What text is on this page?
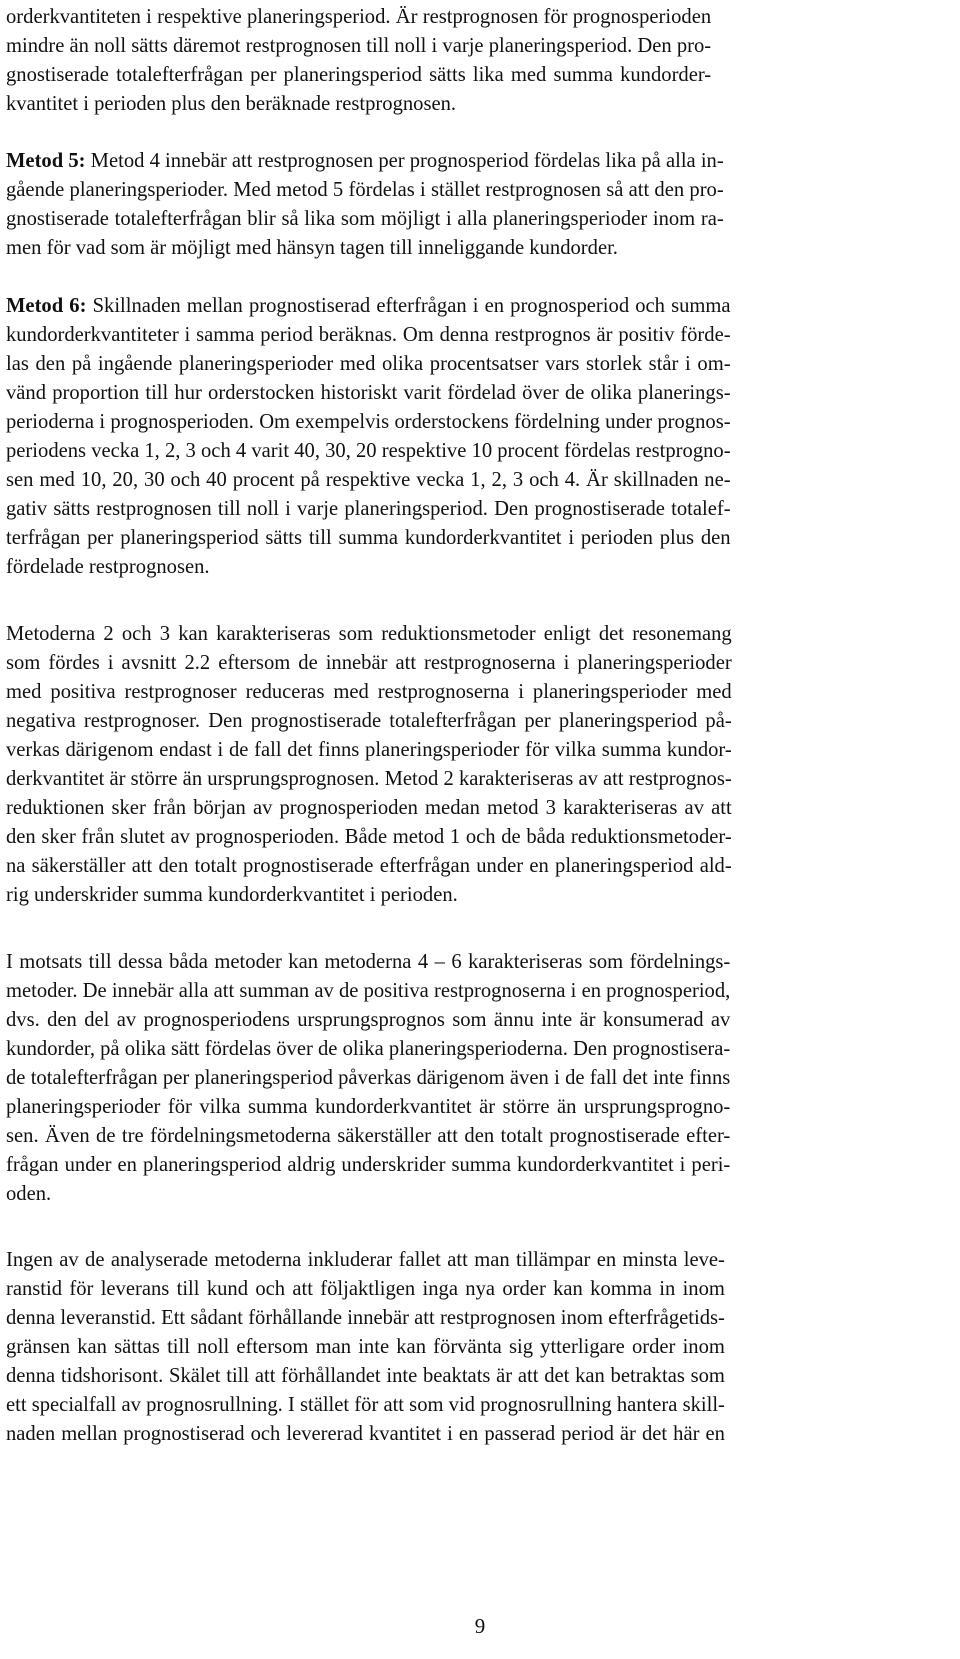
orderkvantiteten i respektive planeringsperiod. Är restprognosen för prognosperioden
mindre än noll sätts däremot restprognosen till noll i varje planeringsperiod. Den pro-
gnostiserade totalefterfrågan per planeringsperiod sätts lika med summa kundorder-
kvantitet i perioden plus den beräknade restprognosen.
Metod 5: Metod 4 innebär att restprognosen per prognosperiod fördelas lika på alla in-
gående planeringsperioder. Med metod 5 fördelas i stället restprognosen så att den pro-
gnostiserade totalefterfrågan blir så lika som möjligt i alla planeringsperioder inom ra-
men för vad som är möjligt med hänsyn tagen till inneliggande kundorder.
Metod 6: Skillnaden mellan prognostiserad efterfrågan i en prognosperiod och summa
kundorderkvantiteter i samma period beräknas. Om denna restprognos är positiv förde-
las den på ingående planeringsperioder med olika procentsatser vars storlek står i om-
vänd proportion till hur orderstocken historiskt varit fördelad över de olika planerings-
perioderna i prognosperioden. Om exempelvis orderstockens fördelning under prognos-
periodens vecka 1, 2, 3 och 4 varit 40, 30, 20 respektive 10 procent fördelas restprogno-
sen med 10, 20, 30 och 40 procent på respektive vecka 1, 2, 3 och 4. Är skillnaden ne-
gativ sätts restprognosen till noll i varje planeringsperiod. Den prognostiserade totalef-
terfrågan per planeringsperiod sätts till summa kundorderkvantitet i perioden plus den
fördelade restprognosen.
Metoderna 2 och 3 kan karakteriseras som reduktionsmetoder enligt det resonemang
som fördes i avsnitt 2.2 eftersom de innebär att restprognoserna i planeringsperioder
med positiva restprognoser reduceras med restprognoserna i planeringsperioder med
negativa restprognoser. Den prognostiserade totalefterfrågan per planeringsperiod på-
verkas därigenom endast i de fall det finns planeringsperioder för vilka summa kundor-
derkvantitet är större än ursprungsprognosen. Metod 2 karakteriseras av att restprognos-
reduktionen sker från början av prognosperioden medan metod 3 karakteriseras av att
den sker från slutet av prognosperioden. Både metod 1 och de båda reduktionsmetoder-
na säkerställer att den totalt prognostiserade efterfrågan under en planeringsperiod ald-
rig underskrider summa kundorderkvantitet i perioden.
I motsats till dessa båda metoder kan metoderna 4 – 6 karakteriseras som fördelnings-
metoder. De innebär alla att summan av de positiva restprognoserna i en prognosperiod,
dvs. den del av prognosperiodens ursprungsprognos som ännu inte är konsumerad av
kundorder, på olika sätt fördelas över de olika planeringsperioderna. Den prognostisera-
de totalefterfrågan per planeringsperiod påverkas därigenom även i de fall det inte finns
planeringsperioder för vilka summa kundorderkvantitet är större än ursprungsprogno-
sen. Även de tre fördelningsmetoderna säkerställer att den totalt prognostiserade efter-
frågan under en planeringsperiod aldrig underskrider summa kundorderkvantitet i peri-
oden.
Ingen av de analyserade metoderna inkluderar fallet att man tillämpar en minsta leve-
ranstid för leverans till kund och att följaktligen inga nya order kan komma in inom
denna leveranstid. Ett sådant förhållande innebär att restprognosen inom efterfrågetids-
gränsen kan sättas till noll eftersom man inte kan förvänta sig ytterligare order inom
denna tidshorisont. Skälet till att förhållandet inte beaktats är att det kan betraktas som
ett specialfall av prognosrullning. I stället för att som vid prognosrullning hantera skill-
naden mellan prognostiserad och levererad kvantitet i en passerad period är det här en
9
